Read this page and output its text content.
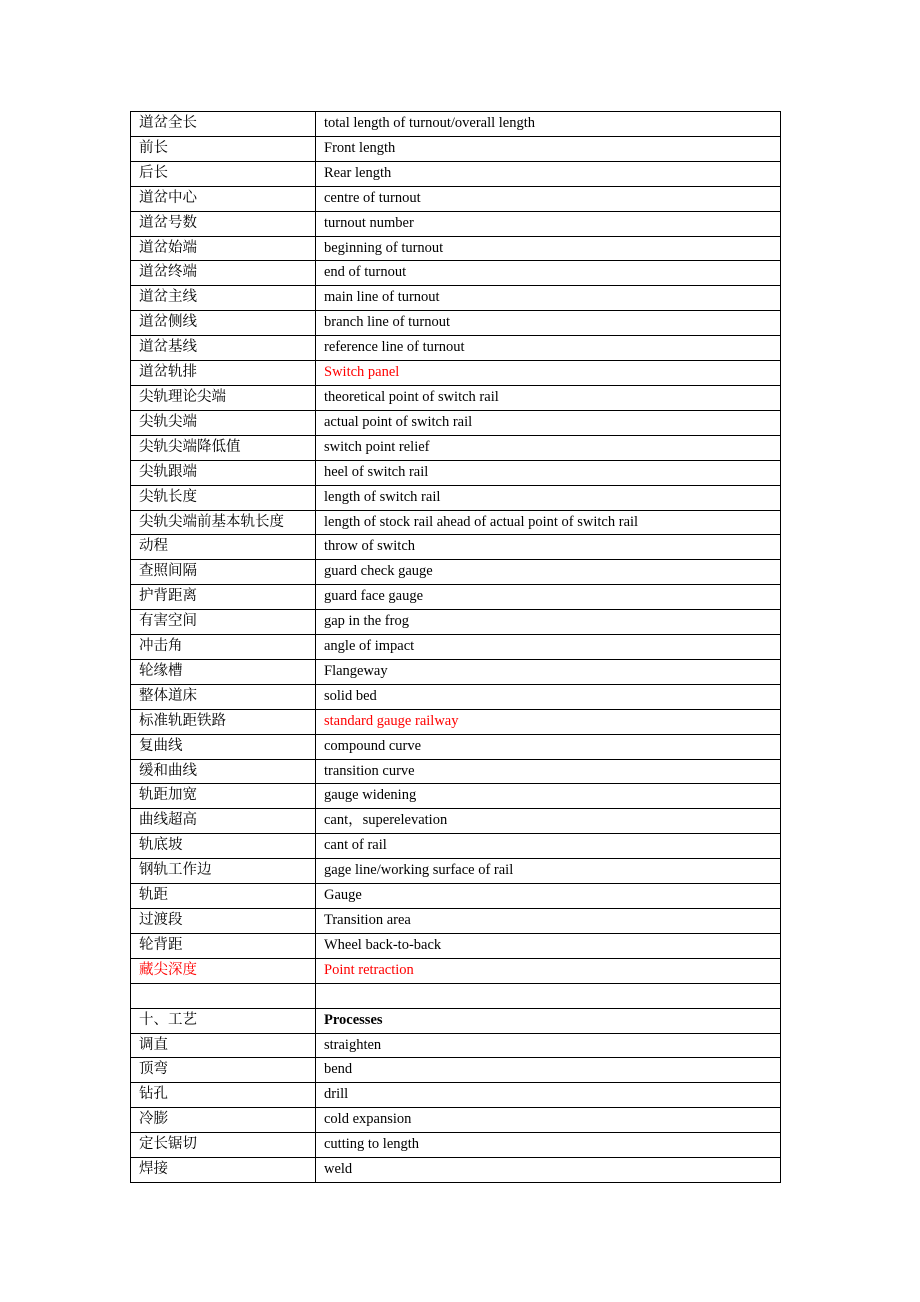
道岔全长	total length of turnout/overall length
前长	Front length
后长	Rear length
道岔中心	centre of turnout
道岔号数	turnout number
道岔始端	beginning of turnout
道岔终端	end of turnout
道岔主线	main line of turnout
道岔侧线	branch line of turnout
道岔基线	reference line of turnout
道岔轨排	Switch panel
尖轨理论尖端	theoretical point of switch rail
尖轨尖端	actual point of switch rail
尖轨尖端降低值	switch point relief
尖轨跟端	heel of switch rail
尖轨长度	length of switch rail
尖轨尖端前基本轨长度	length of stock rail ahead of actual point of switch rail
动程	throw of switch
查照间隔	guard check gauge
护背距离	guard face gauge
有害空间	gap in the frog
冲击角	angle of impact
轮缘槽	Flangeway
整体道床	solid bed
标准轨距铁路	standard gauge railway
复曲线	compound curve
缓和曲线	transition curve
轨距加宽	gauge widening
曲线超高	cant，superelevation
轨底坡	cant of rail
钢轨工作边	gage line/working surface of rail
轨距	Gauge
过渡段	Transition area
轮背距	Wheel back-to-back
藏尖深度	Point retraction

十、工艺	Processes
调直	straighten
顶弯	bend
钻孔	drill
冷膨	cold expansion
定长锯切	cutting to length
焊接	weld
